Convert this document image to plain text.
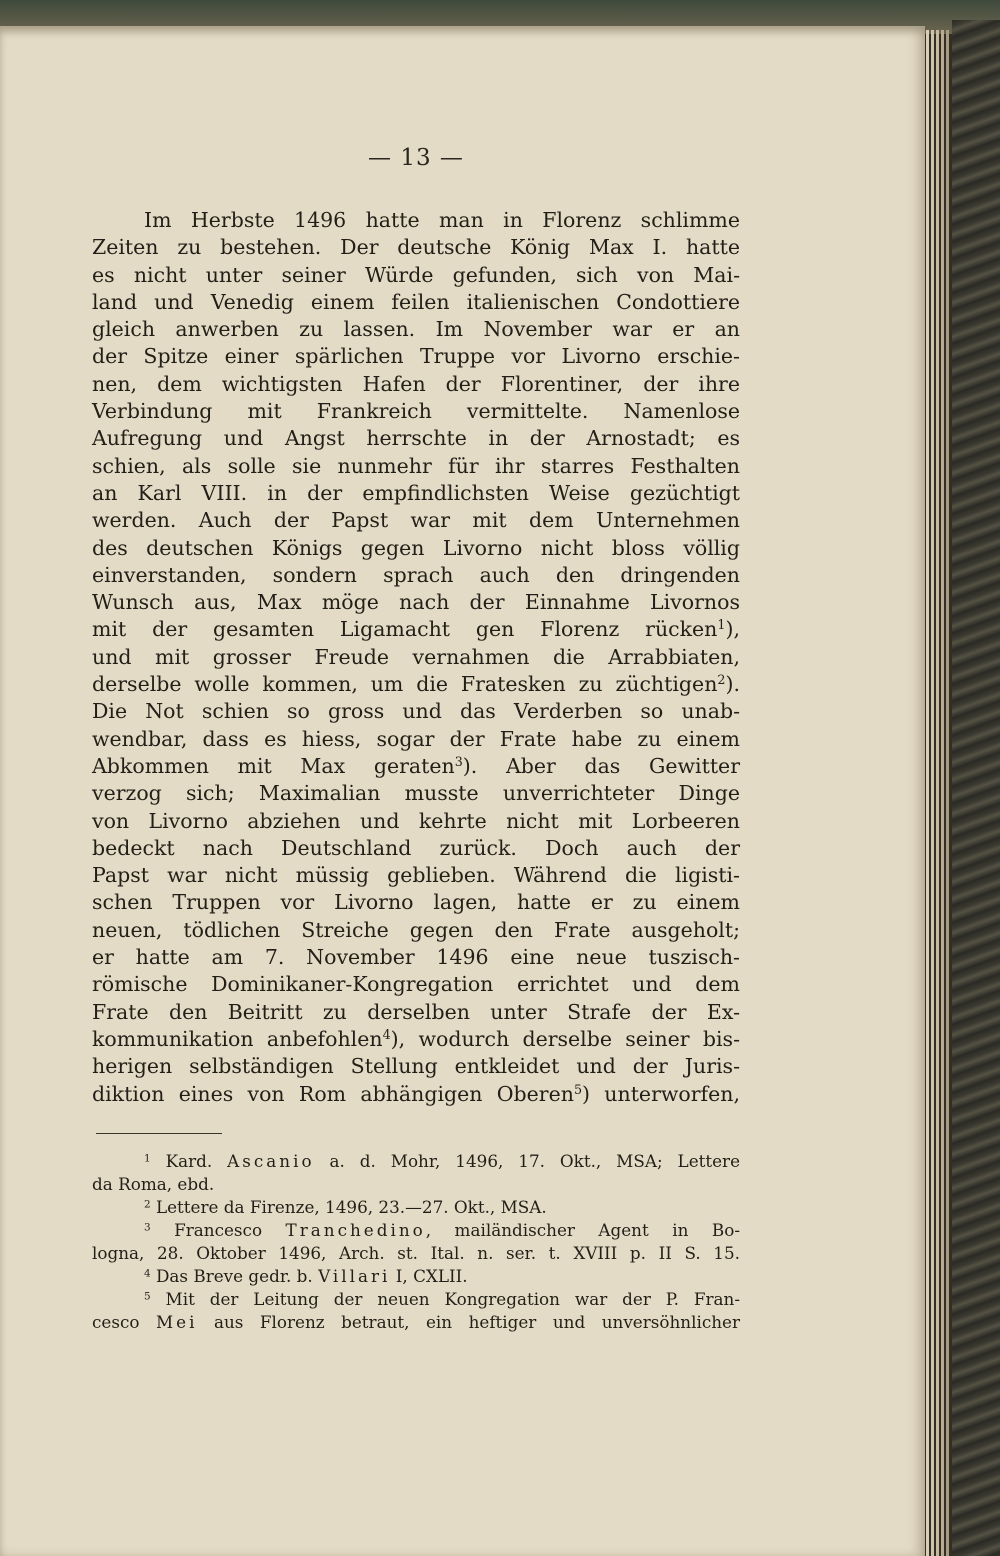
— 13 —
Im Herbste 1496 hatte man in Florenz schlimme
Zeiten zu bestehen. Der deutsche König Max I. hatte
es nicht unter seiner Würde gefunden, sich von Mai-
land und Venedig einem feilen italienischen Condottiere
gleich anwerben zu lassen. Im November war er an
der Spitze einer spärlichen Truppe vor Livorno erschie-
nen, dem wichtigsten Hafen der Florentiner, der ihre
Verbindung mit Frankreich vermittelte. Namenlose
Aufregung und Angst herrschte in der Arnostadt; es
schien, als solle sie nunmehr für ihr starres Festhalten
an Karl VIII. in der empfindlichsten Weise gezüchtigt
werden. Auch der Papst war mit dem Unternehmen
des deutschen Königs gegen Livorno nicht bloss völlig
einverstanden, sondern sprach auch den dringenden
Wunsch aus, Max möge nach der Einnahme Livornos
mit der gesamten Ligamacht gen Florenz rücken$^1$),
und mit grosser Freude vernahmen die Arrabbiaten,
derselbe wolle kommen, um die Fratesken zu züchtigen$^2$).
Die Not schien so gross und das Verderben so unab-
wendbar, dass es hiess, sogar der Frate habe zu einem
Abkommen mit Max geraten$^3$). Aber das Gewitter
verzog sich; Maximalian musste unverrichteter Dinge
von Livorno abziehen und kehrte nicht mit Lorbeeren
bedeckt nach Deutschland zurück. Doch auch der
Papst war nicht müssig geblieben. Während die ligisti-
schen Truppen vor Livorno lagen, hatte er zu einem
neuen, tödlichen Streiche gegen den Frate ausgeholt;
er hatte am 7. November 1496 eine neue tuszisch-
römische Dominikaner-Kongregation errichtet und dem
Frate den Beitritt zu derselben unter Strafe der Ex-
kommunikation anbefohlen$^4$), wodurch derselbe seiner bis-
herigen selbständigen Stellung entkleidet und der Juris-
diktion eines von Rom abhängigen Oberen$^5$) unterworfen,
$^1$ Kard. Ascanio a. d. Mohr, 1496, 17. Okt., MSA; Lettere
da Roma, ebd.
$^2$ Lettere da Firenze, 1496, 23.—27. Okt., MSA.
$^3$ Francesco Tranchedino, mailändischer Agent in Bo-
logna, 28. Oktober 1496, Arch. st. Ital. n. ser. t. XVIII p. II S. 15.
$^4$ Das Breve gedr. b. Villari I, CXLII.
$^5$ Mit der Leitung der neuen Kongregation war der P. Fran-
cesco Mei aus Florenz betraut, ein heftiger und unversöhnlicher
